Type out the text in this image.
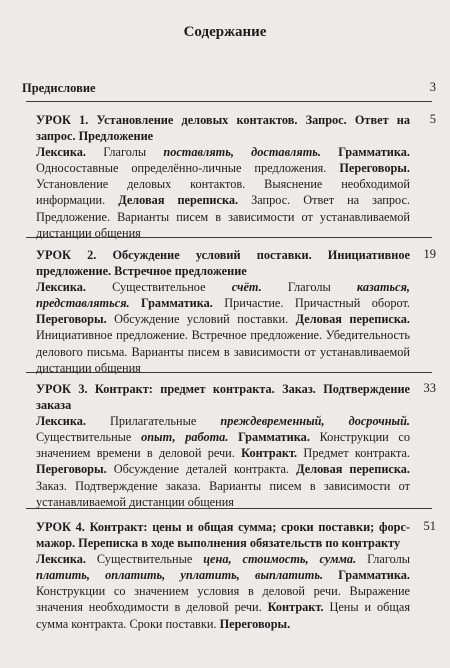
Содержание
Предисловие	3
5

УРОК 1. Установление деловых контактов. Запрос. Ответ на запрос. Предложение

Лексика. Глаголы поставлять, доставлять. Грамматика. Односоставные определённо-личные предложения. Переговоры. Установление деловых контактов. Выяснение необходимой информации. Деловая переписка. Запрос. Ответ на запрос. Предложение. Варианты писем в зависимости от устанавливаемой дистанции общения

19

УРОК 2. Обсуждение условий поставки. Инициативное предложение. Встречное предложение

Лексика. Существительное счёт. Глаголы казаться, представляться. Грамматика. Причастие. Причастный оборот. Переговоры. Обсуждение условий поставки. Деловая переписка. Инициативное предложение. Встречное предложение. Убедительность делового письма. Варианты писем в зависимости от устанавливаемой дистанции общения

33

УРОК 3. Контракт: предмет контракта. Заказ. Подтверждение заказа

Лексика. Прилагательные преждевременный, досрочный. Существительные опыт, работа. Грамматика. Конструкции со значением времени в деловой речи. Контракт. Предмет контракта. Переговоры. Обсуждение деталей контракта. Деловая переписка. Заказ. Подтверждение заказа. Варианты писем в зависимости от устанавливаемой дистанции общения

51

УРОК 4. Контракт: цены и общая сумма; сроки поставки; форс-мажор. Переписка в ходе выполнения обязательств по контракту

Лексика. Существительные цена, стоимость, сумма. Глаголы платить, оплатить, уплатить, выплатить. Грамматика. Конструкции со значением условия в деловой речи. Выражение значения необходимости в деловой речи. Контракт. Цены и общая сумма контракта. Сроки поставки. Переговоры.
